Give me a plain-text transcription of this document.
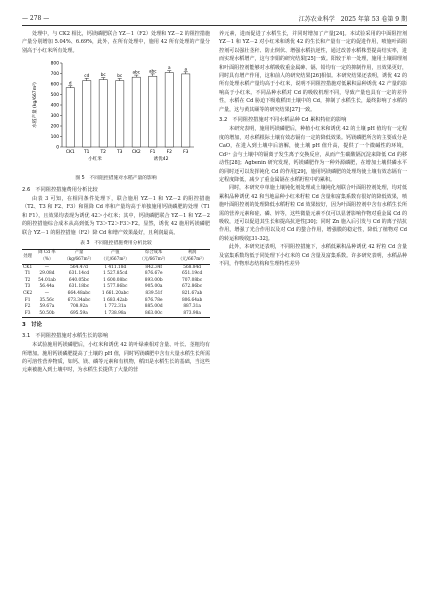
— 278 —	江苏农业科学　2025 年第 53 卷第 9 期

处理中，与 CK2 相比，钙镁磷肥联合 YZ－1（F2）处理和 YZ－2 的阻控措施产量分别增加 5.04%、6.69%，此外，在所有处理中，施用 42 所有处理的产量分别高于小红米所有处理。

0
100
200
300
400
500
600
700
800
水稻产量 (kg/667m²)	d
CK1
cd
T1
bc
T2
bc
T3
abc
CK2
abc
F1
a
F2
a
F3
小红米	诱优42
图 5　不同阻控措施对水稻产量的影响
2.6　不同阻控措施费用分析比较

由表 3 可知，在相同条件处理下，联合施用 YZ－1 和 YZ－2 的阻控措施（T2、T3 和 F2、F3）和阻降 Cd 率和产量均高于单独施用钙镁磷肥的处理（T1 和 F1），且效果均表现为诱优 42＞小红米；其中，钙镁磷肥联合 YZ－1 和 YZ－2 的阻控措施综合成本从高到低为 T3＞T2＞F3＞F2。显然，诱优 42 施用钙镁磷肥联合 YZ－1 的阻控措施（F2）降 Cd 和增产效果最好，且利润最高。

表 3　不同阻控措施费用分析比较
处理	降 Cd 率（%）	产量（kg/667m²）	产值（元/667m²）	综合成本（元/667m²）	利润（元/667m²）
CK1	—	564.47d	1 411.18d	842.34f	568.84d
T1	29.08d	631.14cd	1 527.85cd	876.67e	651.19cd
T2	54.01ab	640.05bc	1 600.08bc	893.00b	707.08bc
T3	56.44a	631.18bc	1 577.86bc	905.00a	672.86bc
CK2	—	664.48abc	1 661.20abc	839.51f	821.67ab
F1	35.56c	673.34abc	1 683.42ab	876.78e	806.64ab
F2	59.67a	708.92a	1 772.31a	885.00d	887.31a
F3	50.50b	695.59a	1 738.98a	863.00c	873.98a
3　讨论
3.1　不同阻控措施对水稻生长的影响

本试验施用钙镁磷肥后，小红米和诱优 42 的叶绿素相对含量、叶长、茎粗均有所增加。施用钙镁磷肥提高了土壤的 pH 值，同时钙镁磷肥中含有大量水稻生长所需的可溶性营养物质，如钙、镁、磷等元素和有机物，稻田是水稻生长的基础，当这些元素被施入到土壤中时，为水稻生长提供了大量的营

养元素，进而促进了水稻生长，并同时增加了产量[24]。本试验采用的中面阻控剂 YZ－1 和 YZ－2 对小红米和诱优 42 的生长和产量有一定的促进作用，喷施叶面阻控剂可以强壮茎秆、防止倒伏、增强水稻抗逆性，通过改善水稻株型提高结实率，进而实现水稻增产，这与李娟的研究结果[25]一致。阳较于单一处理，施用土壤调理剂和叶面阻控剂能够对水稻吸收重金属砷、镉、铅均有一定的抑制作用，且效果更好，同时具有增产作用，这和前人的研究结果[26]相似。本研究结果还表明，诱优 42 的所有处理水稻产量均高于小红米，说明不同阻控措施对低累积品种诱优 42 产量的影响高于小红米。不同品种水稻对 Cd 的吸收机理不同，导致产量也具有一定的差异性，水稻在 Cd 胁迫下吸收稻田土壤中的 Cd，抑制了水稻生长，最终影响了水稻的产量，这与黄其颐等的研究结果[27]一致。

3.2　不同阻控措施对不同水稻品种 Cd 累积特征的影响

本研究表明，施用钙镁磷肥后，种植小红米和诱优 42 的土壤 pH 值均有一定程度的增加，对水稻根际土壤有效态镉有一定的降低效果。钙镁磷肥所含的主要成分是 CaO，在进入到土壤中后溶解，使土壤 pH 值升高，提供了一个微碱性的环境，Cd²⁺ 会与土壤中的镉离子发生离子交换反应，从而产生碳酸镉沉淀来降低 Cd 的移动性[28]；Agbenin 研究发现，钙镁磷肥作为一种外源磷肥，在增加土壤供磷水平的同时还可以发挥钝化 Cd 的作用[29]，施用钙镁磷肥的处理均使土壤有效态镉有一定程度降低，减少了重金属镉在水稻籽粒中的累积。

同时，本研究中单施土壤钝化剂处理或土壤钝化剂联合叶面阻控剂处理，均对低累积品种诱优 42 和当地品种小红米籽粒 Cd 含量和富集系数有很好的降低效果，喷施叶面阻控剂的处理降低水稻籽粒 Cd 效果较好，因为叶面阻控剂中含有水稻生长所需的营养元素和硅、磷、锌等，这些微量元素不仅可以显著影响作物对重金属 Cd 的吸收，还可以促进其生长和提高抗逆性[30]；同时 Zn 施入后引发与 Cd 的离子拮抗作用，增强了光合作用以及对 Cd 的螯合作用，增强膜的稳定性，降低了植物对 Cd 的转运和吸收[31-32]。

此外，本研究还表明，不同阻控措施下，水稻低累积品种诱优 42 籽粒 Cd 含量及富集系数均低于同处理下小红米的 Cd 含量及富集系数。许多研究表明，水稻品种不同，作物形态结构和生理特性差异
